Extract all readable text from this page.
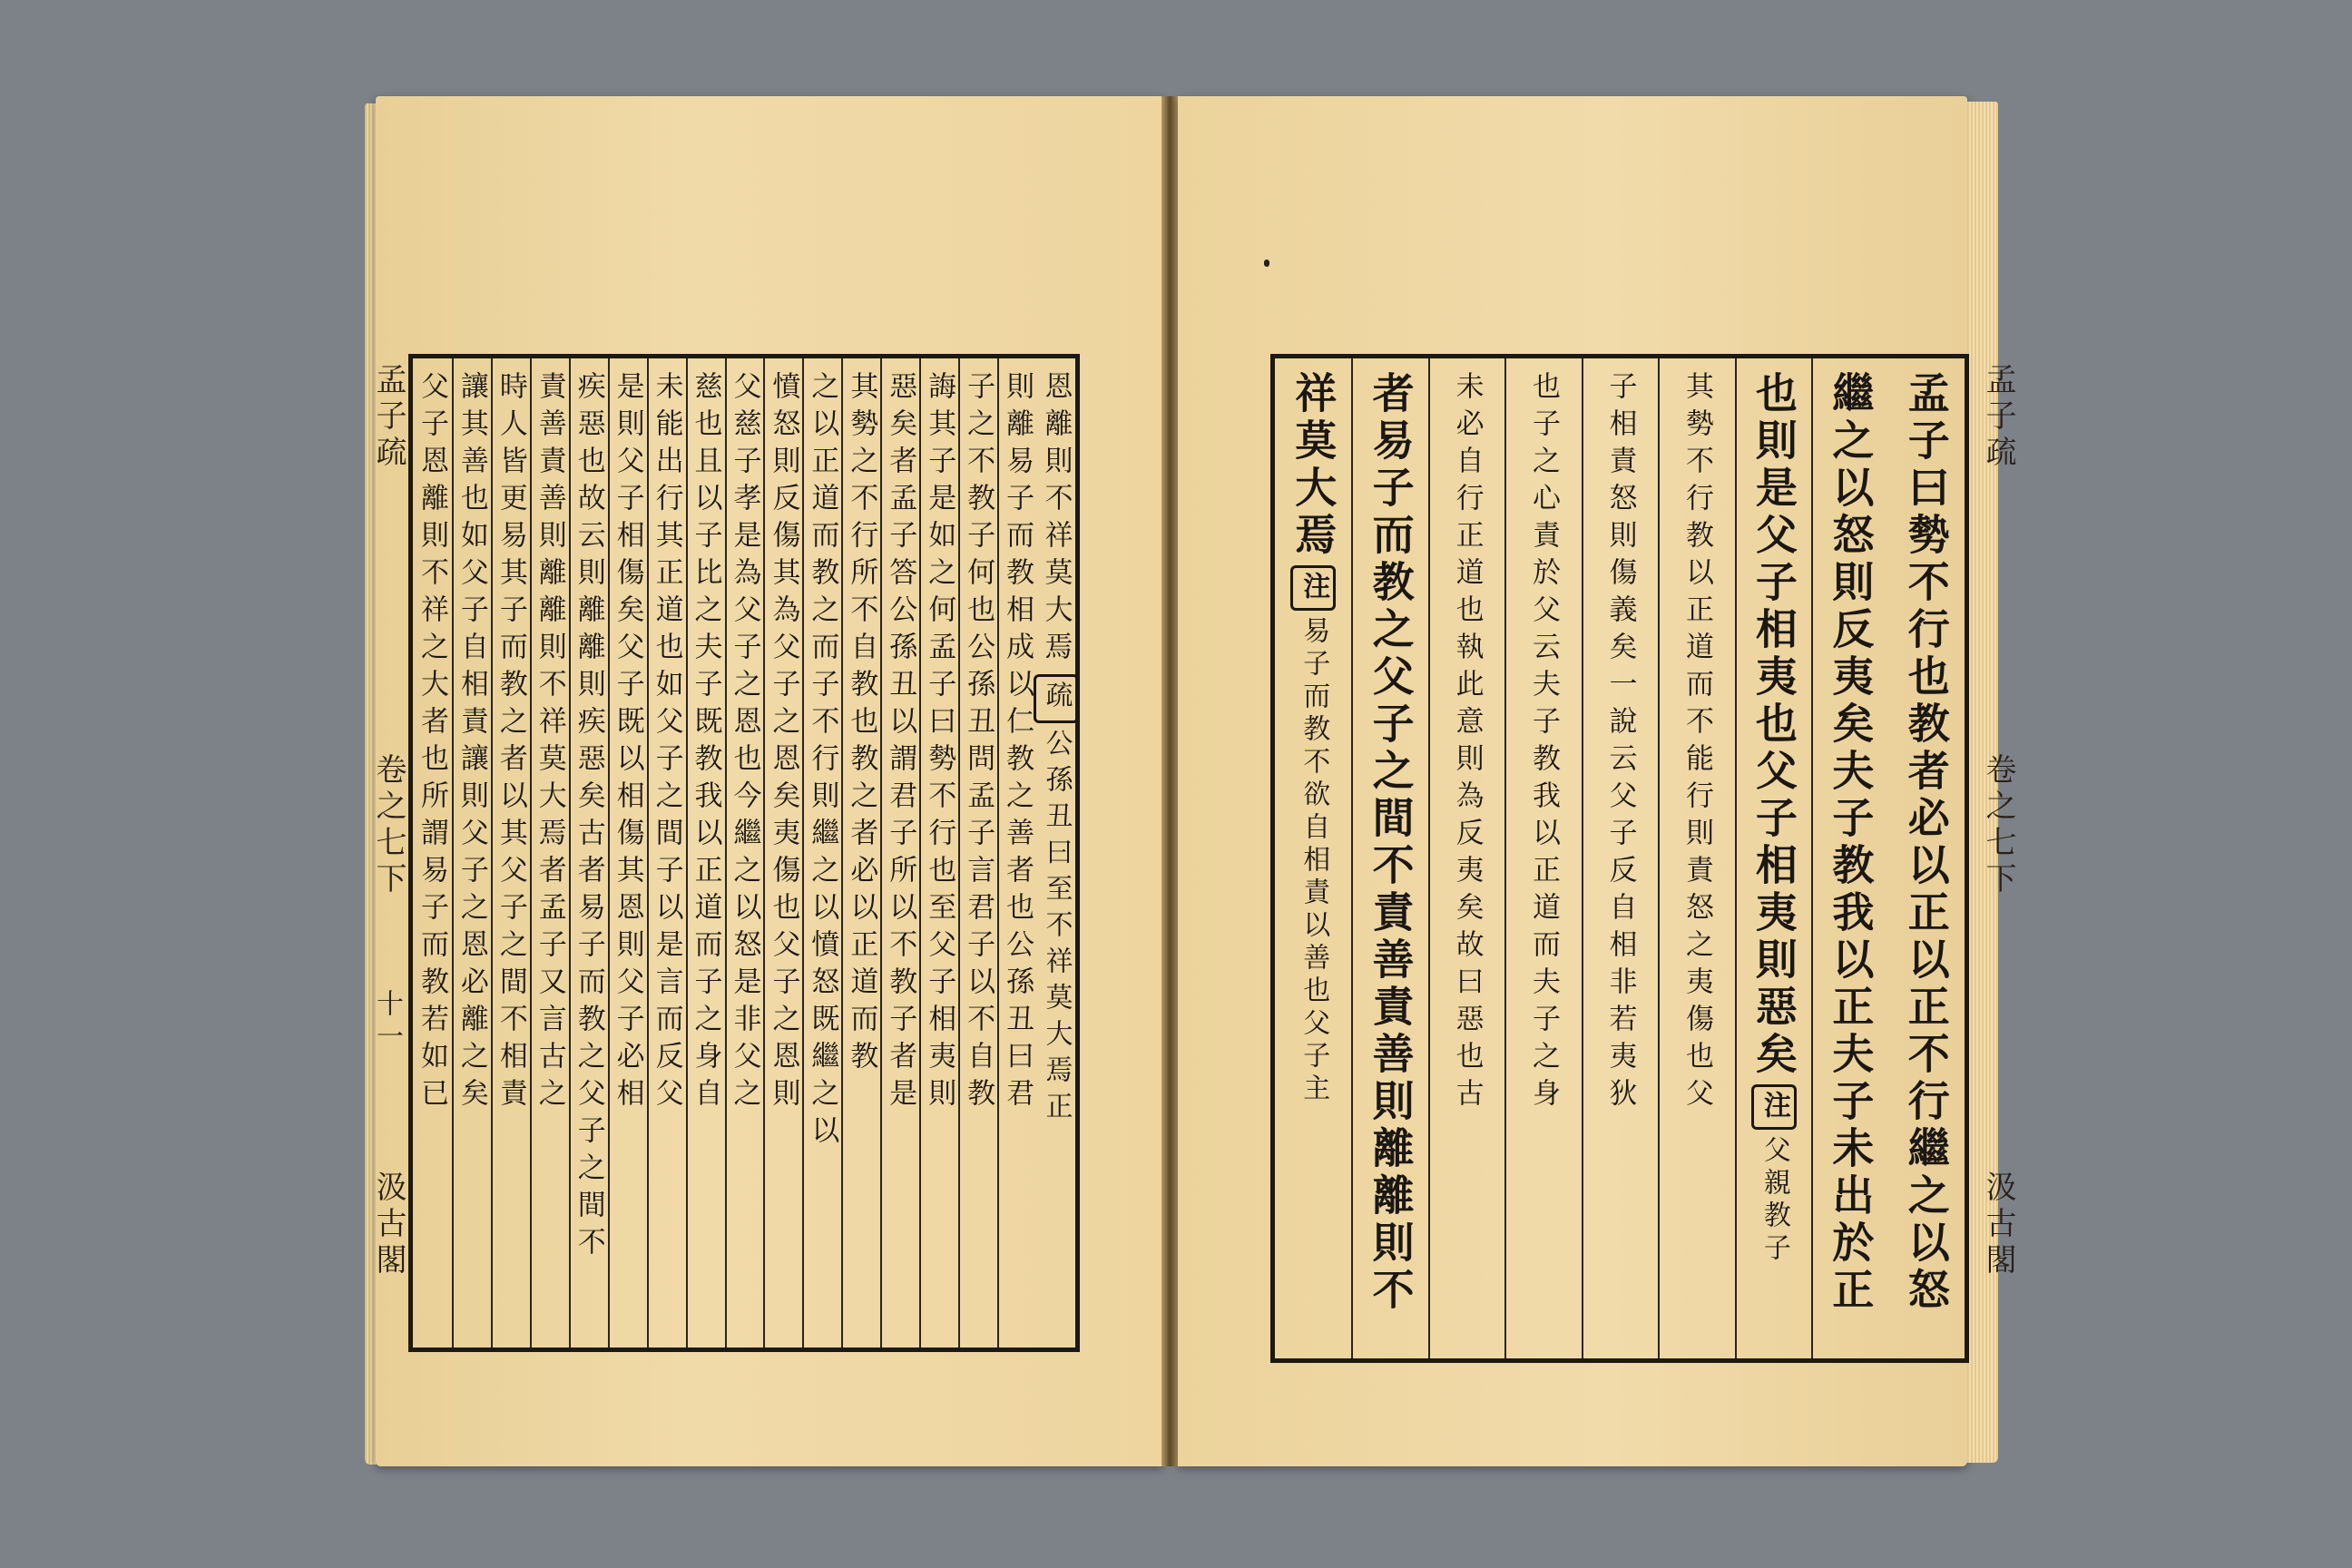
孟子疏
卷之七下
十一
汲古閣
恩離則不祥莫大焉疏公孫丑曰至不祥莫大焉正
則離易子而教相成以仁教之善者也公孫丑曰君
子之不教子何也公孫丑問孟子言君子以不自教
誨其子是如之何孟子曰勢不行也至父子相夷則
惡矣者孟子答公孫丑以謂君子所以不教子者是
其勢之不行所不自教也教之者必以正道而教
之以正道而教之而子不行則繼之以憤怒既繼之以
憤怒則反傷其為父子之恩矣夷傷也父子之恩則
父慈子孝是為父子之恩也今繼之以怒是非父之
慈也且以子比之夫子既教我以正道而子之身自
未能出行其正道也如父子之間子以是言而反父
是則父子相傷矣父子既以相傷其恩則父子必相
疾惡也故云則離離則疾惡矣古者易子而教之父子之間不
責善責善則離離則不祥莫大焉者孟子又言古之
時人皆更易其子而教之者以其父子之間不相責
讓其善也如父子自相責讓則父子之恩必離之矣
父子恩離則不祥之大者也所謂易子而教若如已	孟子曰勢不行也教者必以正以正不行繼之以怒
繼之以怒則反夷矣夫子教我以正夫子未出於正
也則是父子相夷也父子相夷則惡矣注父親教子
其勢不行教以正道而不能行則責怒之夷傷也父
子相責怒則傷義矣一說云父子反自相非若夷狄
也子之心責於父云夫子教我以正道而夫子之身
未必自行正道也執此意則為反夷矣故曰惡也古
者易子而教之父子之間不責善責善則離離則不
祥莫大焉注易子而教不欲自相責以善也父子主
孟子疏
卷之七下
汲古閣
